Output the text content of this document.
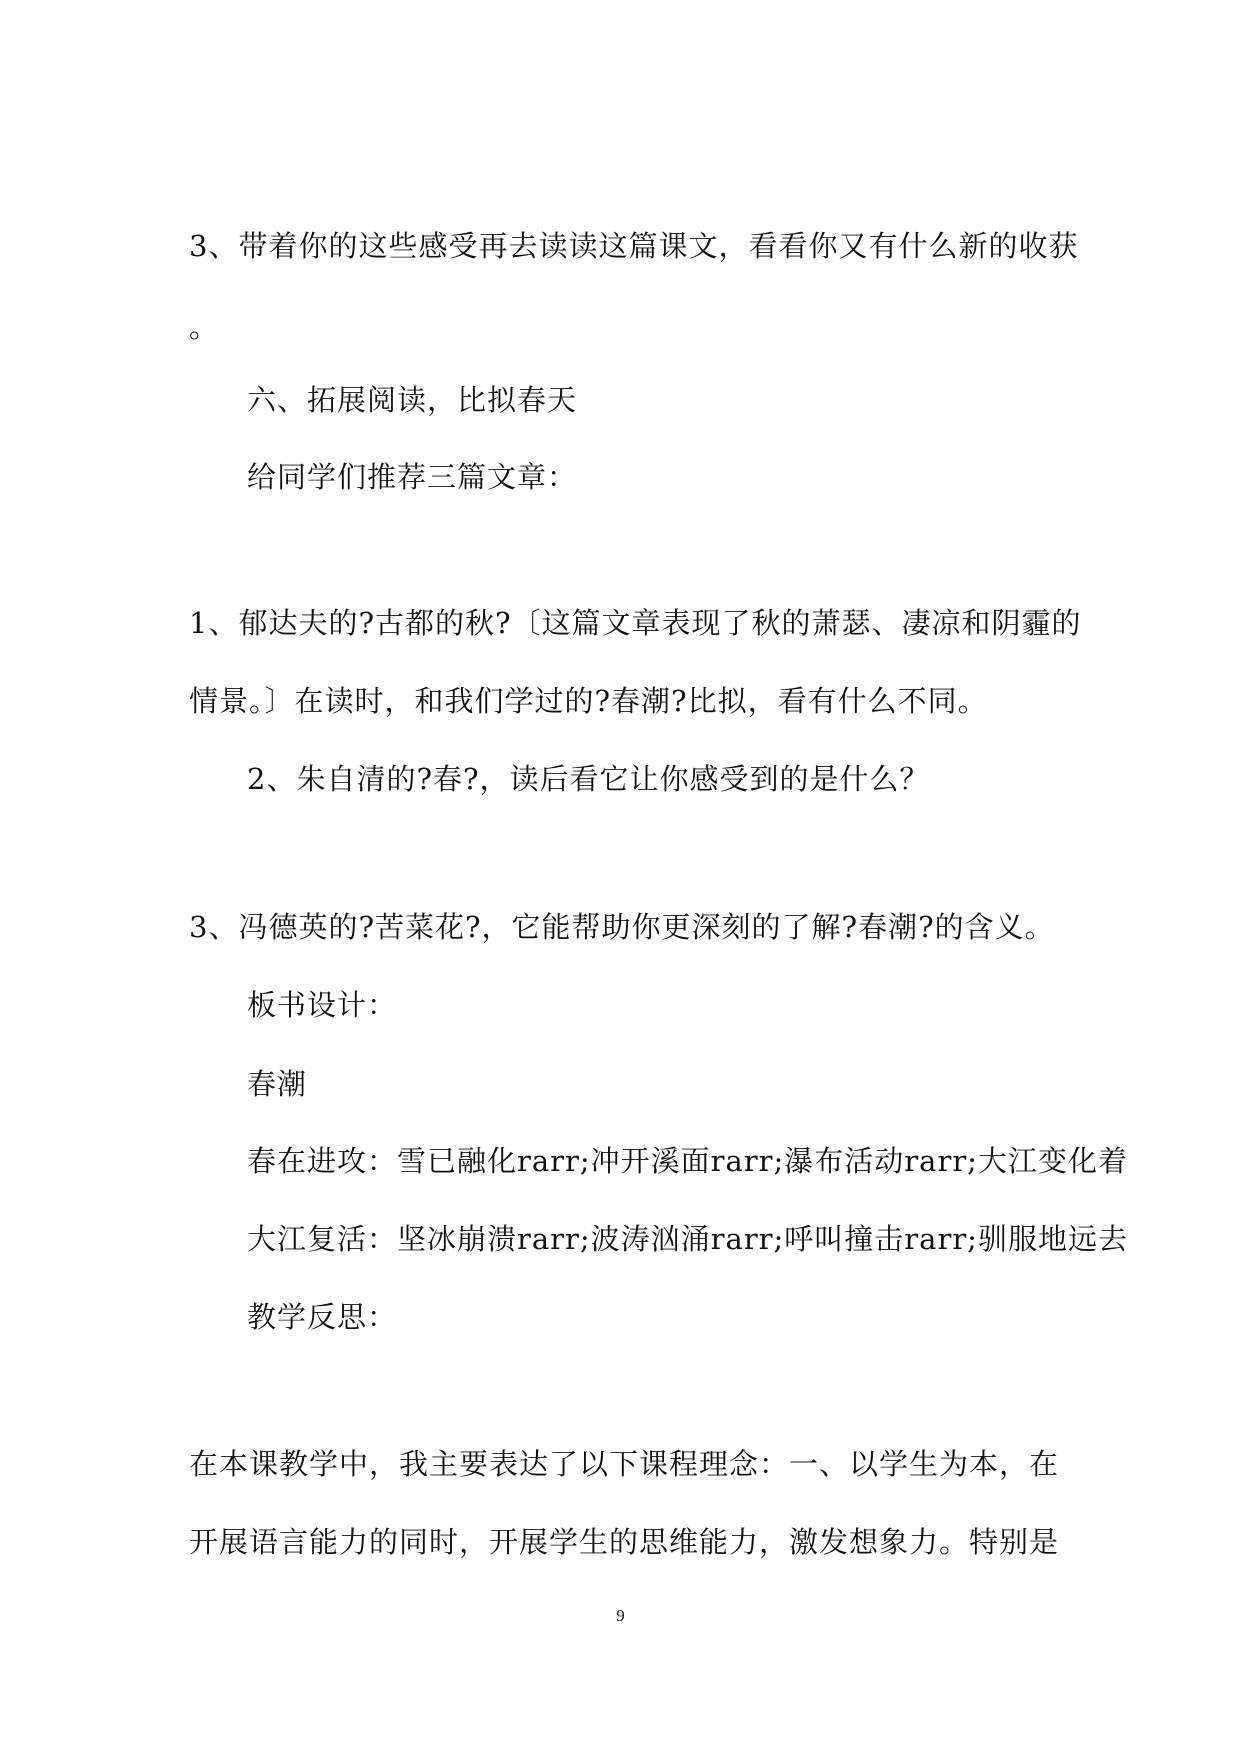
3、带着你的这些感受再去读读这篇课文，看看你又有什么新的收获
。
六、拓展阅读，比拟春天
给同学们推荐三篇文章：
1、郁达夫的?古都的秋?〔这篇文章表现了秋的萧瑟、凄凉和阴霾的
情景。〕在读时，和我们学过的?春潮?比拟，看有什么不同。
2、朱自清的?春?，读后看它让你感受到的是什么？
3、冯德英的?苦菜花?，它能帮助你更深刻的了解?春潮?的含义。
板书设计：
春潮
春在进攻：雪已融化rarr;冲开溪面rarr;瀑布活动rarr;大江变化着
大江复活：坚冰崩溃rarr;波涛汹涌rarr;呼叫撞击rarr;驯服地远去
教学反思：
在本课教学中，我主要表达了以下课程理念：一、以学生为本，在
开展语言能力的同时，开展学生的思维能力，激发想象力。特别是
9
